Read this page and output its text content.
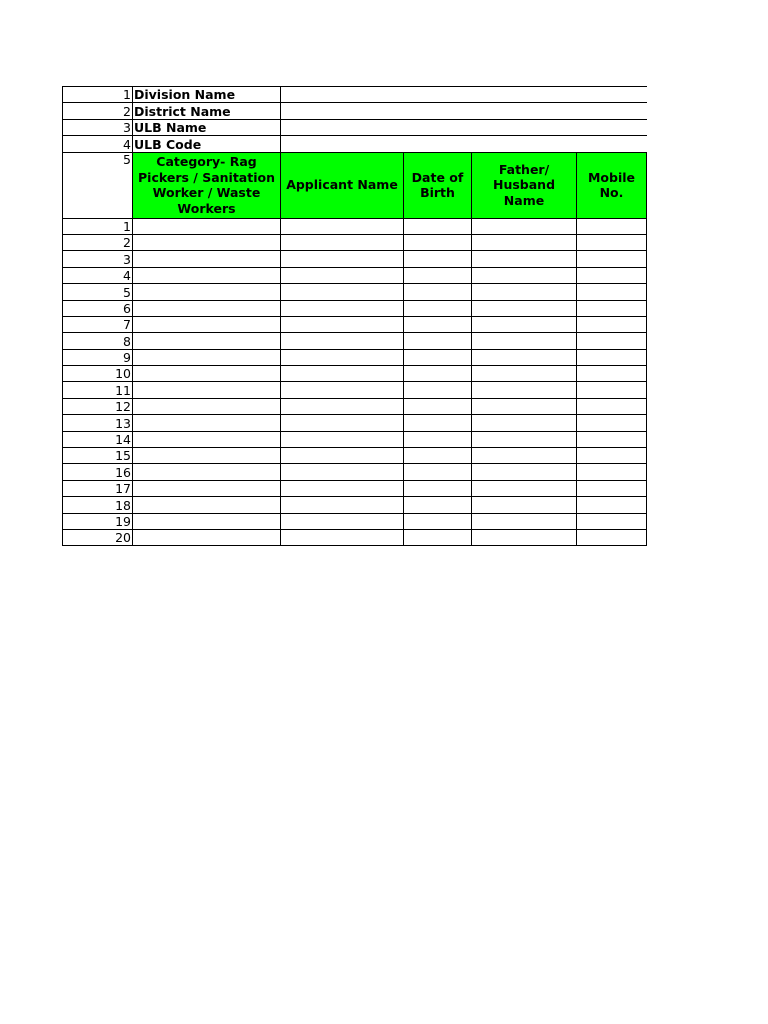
1	Division Name				
2	District Name				
3	ULB Name				
4	ULB Code				
5	Category- Rag Pickers / Sanitation Worker / Waste Workers	Applicant Name	Date of Birth	Father/ Husband Name	Mobile No.
1					
2					
3					
4					
5					
6					
7					
8					
9					
10					
11					
12					
13					
14					
15					
16					
17					
18					
19					
20					
